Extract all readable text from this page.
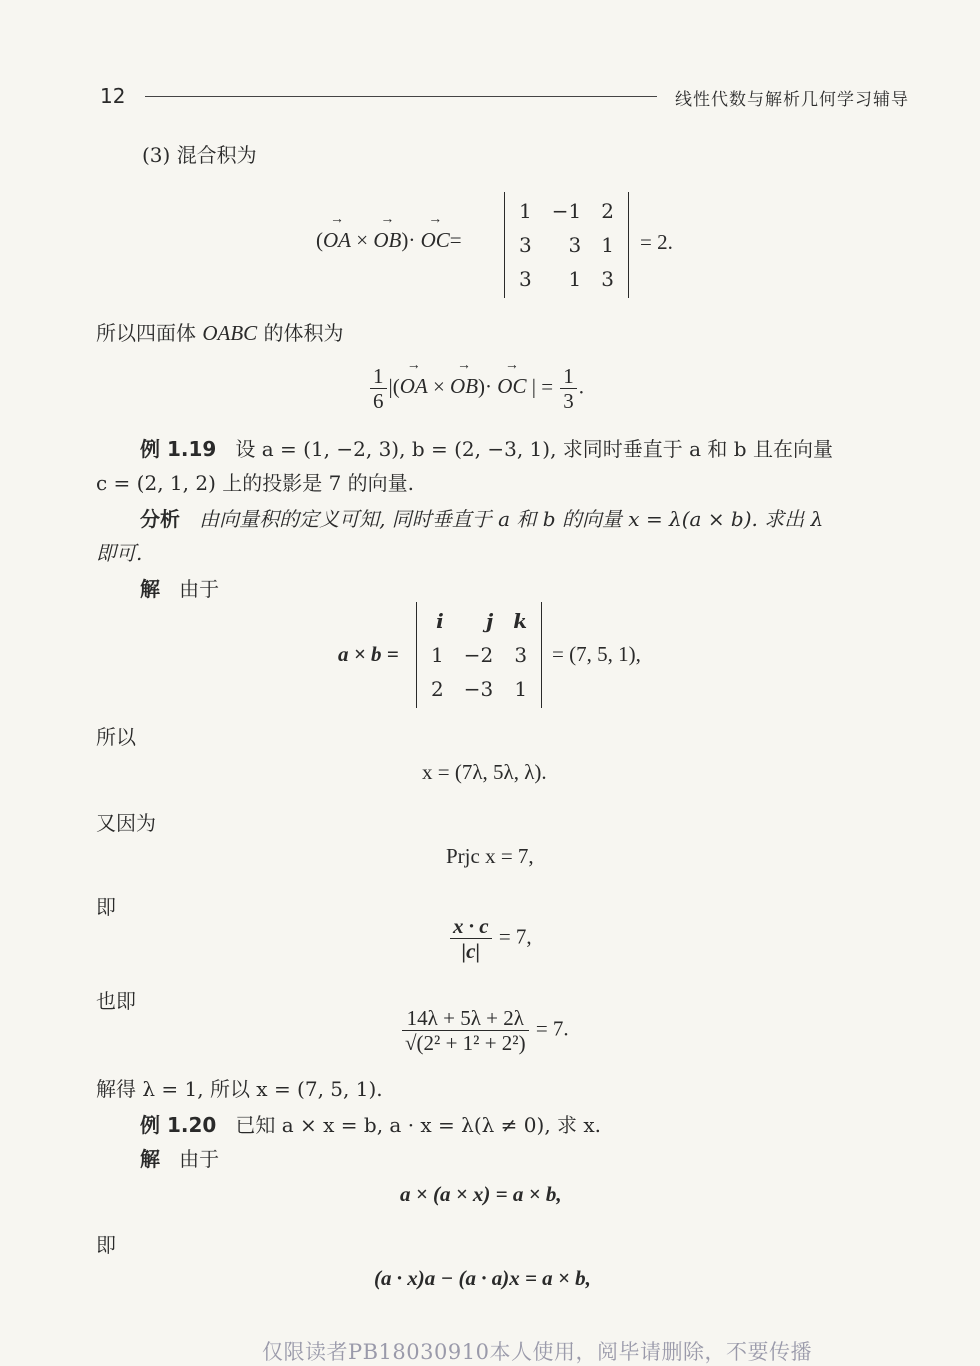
12	线性代数与解析几何学习辅导
(3) 混合积为
(→ OA × → OB)· → OC=
1	−1	2
3	3	1
3	1	3
= 2.
所以四面体 OABC 的体积为
$\frac{1}{6}$ |(→ OA × → OB)· → OC | = $\frac{1}{3}$ .
例 1.19 设 a = (1, −2, 3), b = (2, −3, 1), 求同时垂直于 a 和 b 且在向量
c = (2, 1, 2) 上的投影是 7 的向量.
分析 由向量积的定义可知, 同时垂直于 a 和 b 的向量 x = λ(a × b). 求出 λ
即可.
解 由于
a × b =
i	j	k
1	−2	3
2	−3	1
= (7, 5, 1),
所以
x = (7λ, 5λ, λ).
又因为
Prjc x = 7,
即
$\frac{x \cdot c}{|c|} = 7$,
也即
$\frac{14\lambda + 5\lambda + 2\lambda}{\text{√(2² + 1² + 2²)}} = 7$.
解得 λ = 1, 所以 x = (7, 5, 1).
例 1.20 已知 a × x = b, a · x = λ(λ ≠ 0), 求 x.
解 由于
a × (a × x) = a × b,
即
(a · x)a − (a · a)x = a × b,
仅限读者PB18030910本人使用，阅毕请删除，不要传播
